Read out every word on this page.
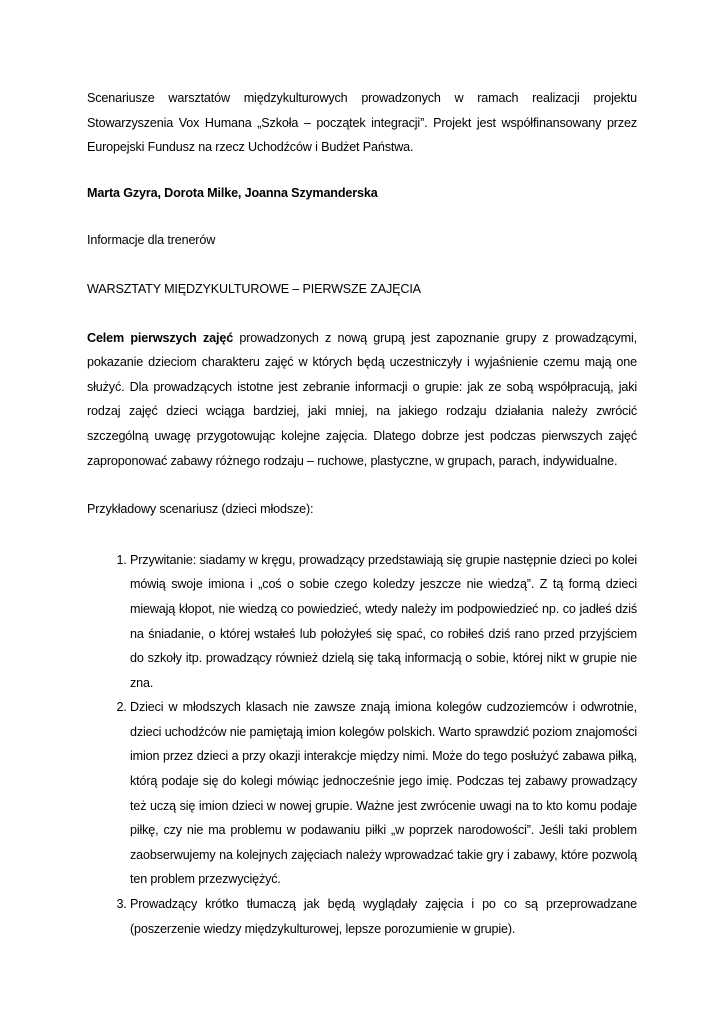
Scenariusze warsztatów międzykulturowych prowadzonych w ramach realizacji projektu Stowarzyszenia Vox Humana „Szkoła – początek integracji”. Projekt jest współfinansowany przez Europejski Fundusz na rzecz Uchodźców i Budżet Państwa.

Marta Gzyra, Dorota Milke, Joanna Szymanderska

Informacje dla trenerów

WARSZTATY MIĘDZYKULTUROWE – PIERWSZE ZAJĘCIA

Celem pierwszych zajęć prowadzonych z nową grupą jest zapoznanie grupy z prowadzącymi, pokazanie dzieciom charakteru zajęć w których będą uczestniczyły i wyjaśnienie czemu mają one służyć. Dla prowadzących istotne jest zebranie informacji o grupie: jak ze sobą współpracują, jaki rodzaj zajęć dzieci wciąga bardziej, jaki mniej, na jakiego rodzaju działania należy zwrócić szczególną uwagę przygotowując kolejne zajęcia. Dlatego dobrze jest podczas pierwszych zajęć zaproponować zabawy różnego rodzaju – ruchowe, plastyczne, w grupach, parach, indywidualne.

Przykładowy scenariusz (dzieci młodsze):

1. Przywitanie: siadamy w kręgu, prowadzący przedstawiają się grupie następnie dzieci po kolei mówią swoje imiona i „coś o sobie czego koledzy jeszcze nie wiedzą”. Z tą formą dzieci miewają kłopot, nie wiedzą co powiedzieć, wtedy należy im podpowiedzieć np. co jadłeś dziś na śniadanie, o której wstałeś lub położyłeś się spać, co robiłeś dziś rano przed przyjściem do szkoły itp. prowadzący również dzielą się taką informacją o sobie, której nikt w grupie nie zna.
2. Dzieci w młodszych klasach nie zawsze znają imiona kolegów cudzoziemców i odwrotnie, dzieci uchodźców nie pamiętają imion kolegów polskich. Warto sprawdzić poziom znajomości imion przez dzieci a przy okazji interakcje między nimi. Może do tego posłużyć zabawa piłką, którą podaje się do kolegi mówiąc jednocześnie jego imię. Podczas tej zabawy prowadzący też uczą się imion dzieci w nowej grupie. Ważne jest zwrócenie uwagi na to kto komu podaje piłkę, czy nie ma problemu w podawaniu piłki „w poprzek narodowości”. Jeśli taki problem zaobserwujemy na kolejnych zajęciach należy wprowadzać takie gry i zabawy, które pozwolą ten problem przezwyciężyć.
3. Prowadzący krótko tłumaczą jak będą wyglądały zajęcia i po co są przeprowadzane (poszerzenie wiedzy międzykulturowej, lepsze porozumienie w grupie).
